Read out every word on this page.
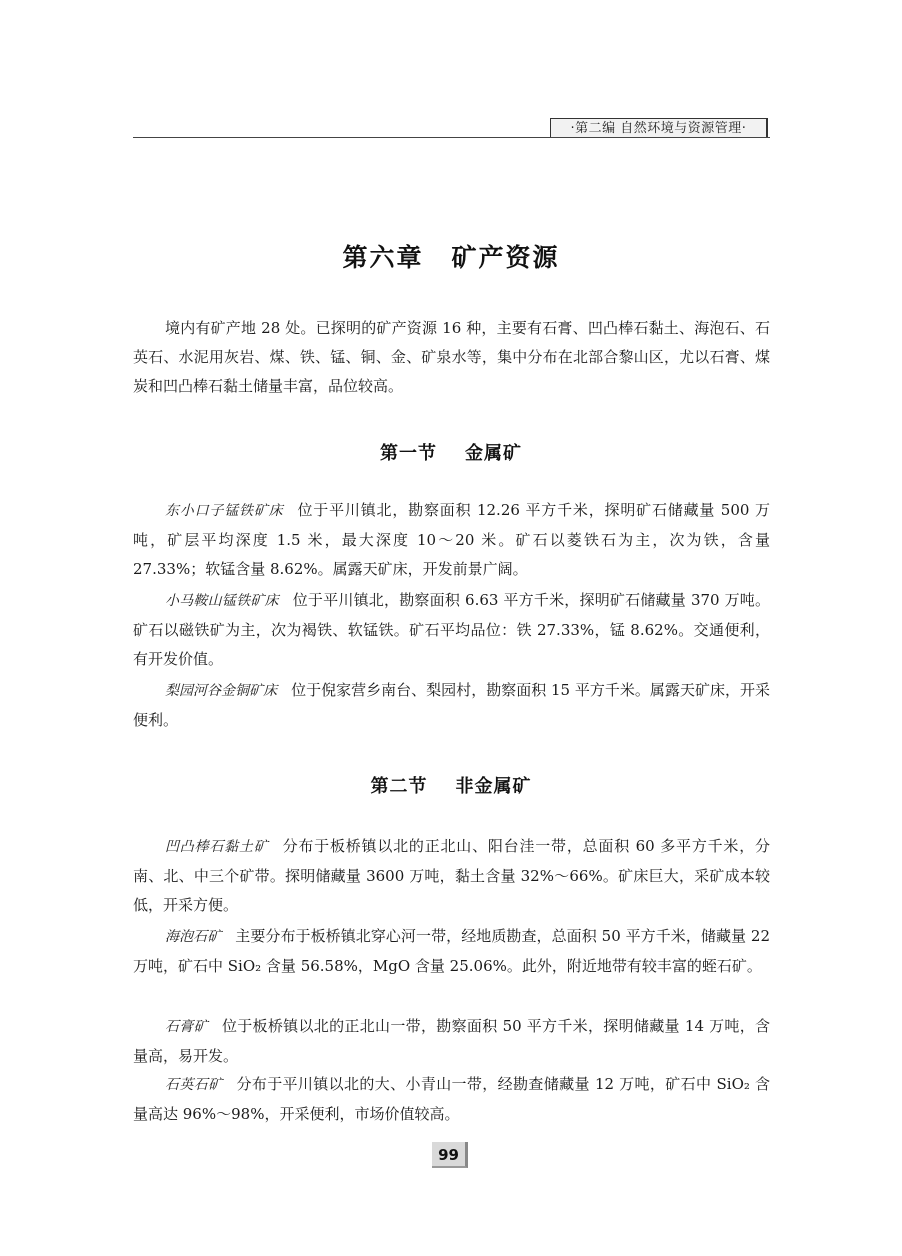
·第二编 自然环境与资源管理·
第六章 矿产资源
境内有矿产地 28 处。已探明的矿产资源 16 种，主要有石膏、凹凸棒石黏土、海泡石、石英石、水泥用灰岩、煤、铁、锰、铜、金、矿泉水等，集中分布在北部合黎山区，尤以石膏、煤炭和凹凸棒石黏土储量丰富，品位较高。
第一节 金属矿
东小口子锰铁矿床 位于平川镇北，勘察面积 12.26 平方千米，探明矿石储藏量 500 万吨，矿层平均深度 1.5 米，最大深度 10～20 米。矿石以菱铁石为主，次为铁，含量 27.33%；软锰含量 8.62%。属露天矿床，开发前景广阔。
小马鞍山锰铁矿床 位于平川镇北，勘察面积 6.63 平方千米，探明矿石储藏量 370 万吨。矿石以磁铁矿为主，次为褐铁、软锰铁。矿石平均品位：铁 27.33%，锰 8.62%。交通便利，有开发价值。
梨园河谷金铜矿床 位于倪家营乡南台、梨园村，勘察面积 15 平方千米。属露天矿床，开采便利。
第二节 非金属矿
凹凸棒石黏土矿 分布于板桥镇以北的正北山、阳台洼一带，总面积 60 多平方千米，分南、北、中三个矿带。探明储藏量 3600 万吨，黏土含量 32%～66%。矿床巨大，采矿成本较低，开采方便。
海泡石矿 主要分布于板桥镇北穿心河一带，经地质勘查，总面积 50 平方千米，储藏量 22 万吨，矿石中 SiO₂ 含量 56.58%，MgO 含量 25.06%。此外，附近地带有较丰富的蛭石矿。
石膏矿 位于板桥镇以北的正北山一带，勘察面积 50 平方千米，探明储藏量 14 万吨，含量高，易开发。
石英石矿 分布于平川镇以北的大、小青山一带，经勘查储藏量 12 万吨，矿石中 SiO₂ 含量高达 96%～98%，开采便利，市场价值较高。
99
